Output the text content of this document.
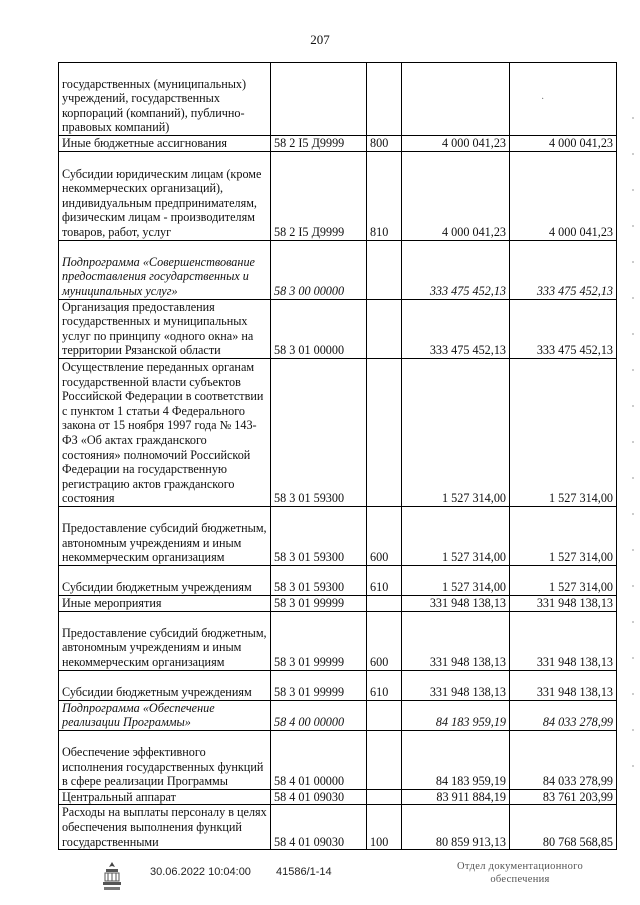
207
государственных (муниципальных) учреждений, государственных корпораций (компаний), публично-правовых компаний)				
Иные бюджетные ассигнования	58 2 I5 Д9999	800	4 000 041,23	4 000 041,23
Субсидии юридическим лицам (кроме некоммерческих организаций), индивидуальным предпринимателям, физическим лицам - производителям товаров, работ, услуг	58 2 I5 Д9999	810	4 000 041,23	4 000 041,23
Подпрограмма «Совершенствование предоставления государственных и муниципальных услуг»	58 3 00 00000		333 475 452,13	333 475 452,13
Организация предоставления государственных и муниципальных услуг по принципу «одного окна» на территории Рязанской области	58 3 01 00000		333 475 452,13	333 475 452,13
Осуществление переданных органам государственной власти субъектов Российской Федерации в соответствии с пунктом 1 статьи 4 Федерального закона от 15 ноября 1997 года № 143-ФЗ «Об актах гражданского состояния» полномочий Российской Федерации на государственную регистрацию актов гражданского состояния	58 3 01 59300		1 527 314,00	1 527 314,00
Предоставление субсидий бюджетным, автономным учреждениям и иным некоммерческим организациям	58 3 01 59300	600	1 527 314,00	1 527 314,00
Субсидии бюджетным учреждениям	58 3 01 59300	610	1 527 314,00	1 527 314,00
Иные мероприятия	58 3 01 99999		331 948 138,13	331 948 138,13
Предоставление субсидий бюджетным, автономным учреждениям и иным некоммерческим организациям	58 3 01 99999	600	331 948 138,13	331 948 138,13
Субсидии бюджетным учреждениям	58 3 01 99999	610	331 948 138,13	331 948 138,13
Подпрограмма «Обеспечение реализации Программы»	58 4 00 00000		84 183 959,19	84 033 278,99
Обеспечение эффективного исполнения государственных функций в сфере реализации Программы	58 4 01 00000		84 183 959,19	84 033 278,99
Центральный аппарат	58 4 01 09030		83 911 884,19	83 761 203,99
Расходы на выплаты персоналу в целях обеспечения выполнения функций государственными	58 4 01 09030	100	80 859 913,13	80 768 568,85
·
30.06.2022 10:04:00 41586/1-14	Отдел документационного
обеспечения
